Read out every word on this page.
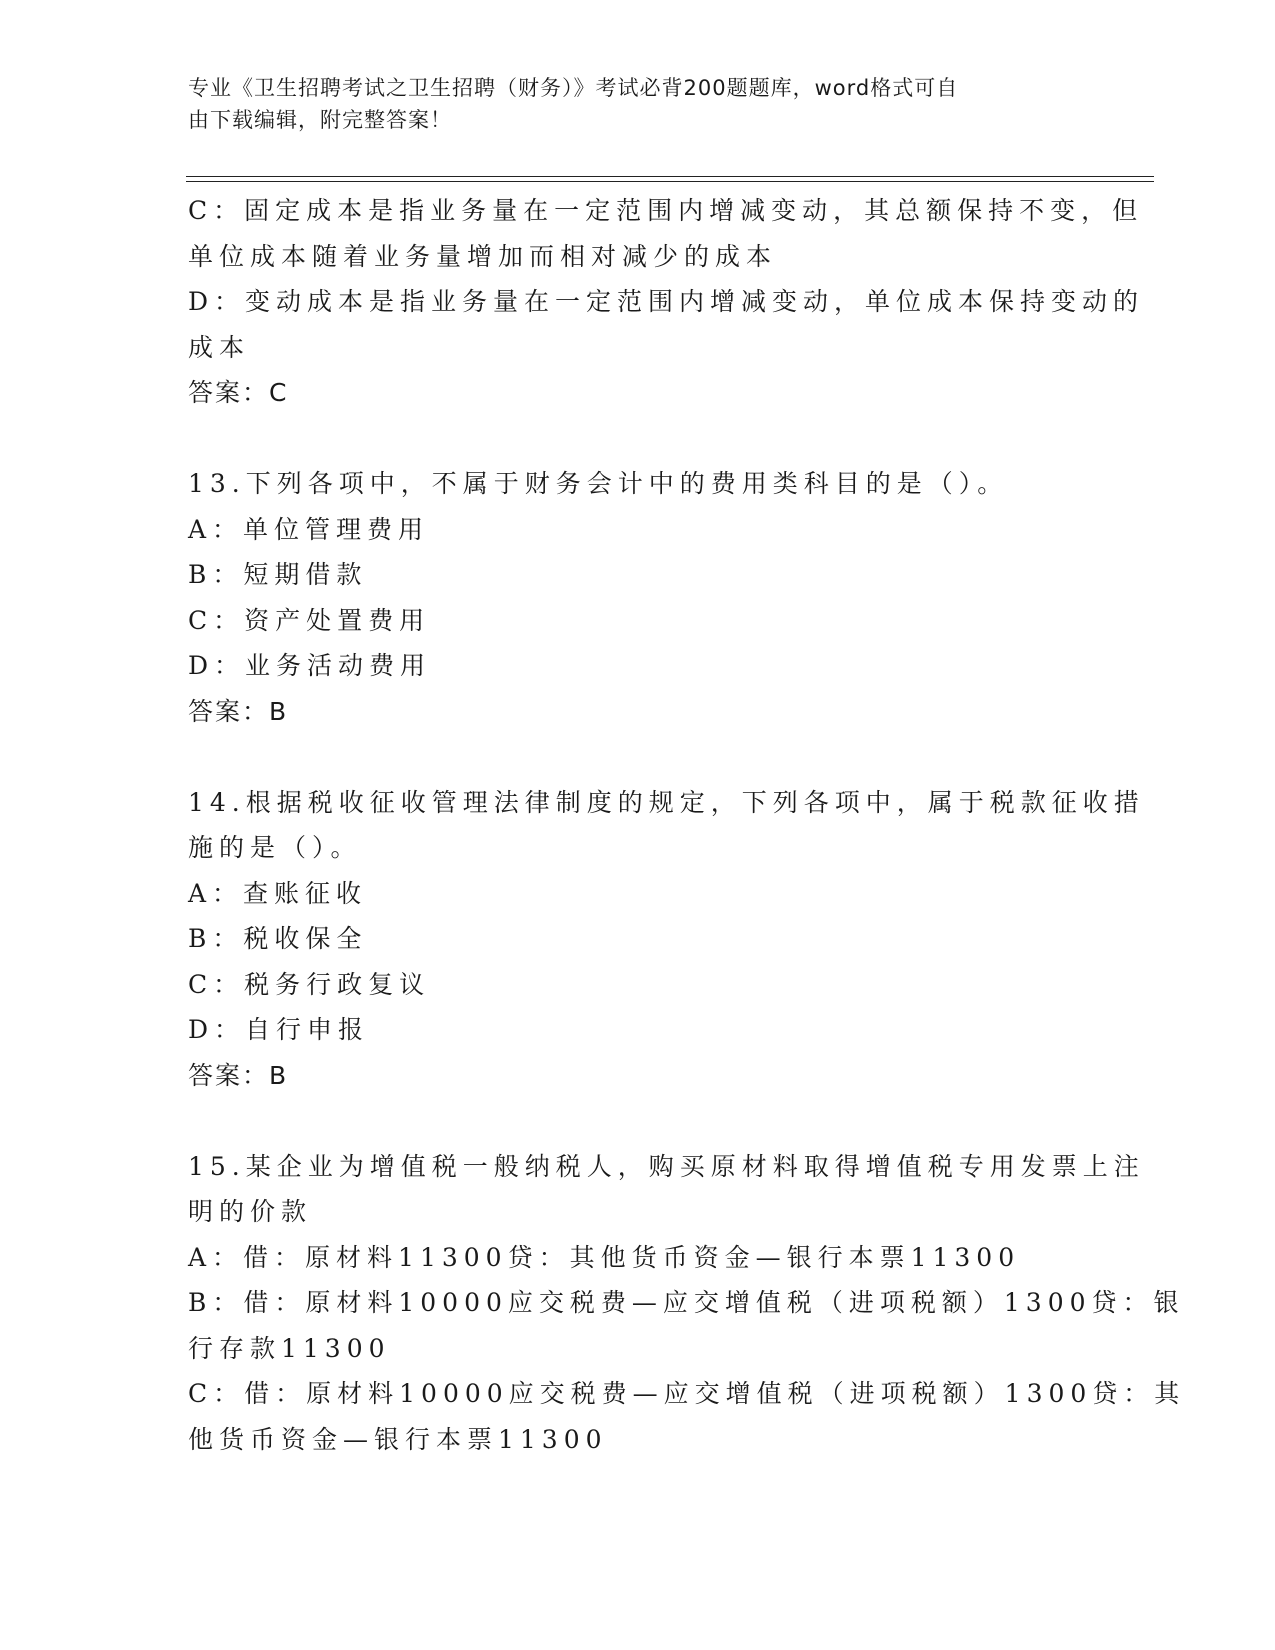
专业《卫生招聘考试之卫生招聘（财务）》考试必背200题题库，word格式可自
由下载编辑，附完整答案！
C：固定成本是指业务量在一定范围内增减变动，其总额保持不变，但
单位成本随着业务量增加而相对减少的成本
D：变动成本是指业务量在一定范围内增减变动，单位成本保持变动的
成本
答案：C
13.下列各项中，不属于财务会计中的费用类科目的是（）。
A：单位管理费用
B：短期借款
C：资产处置费用
D：业务活动费用
答案：B
14.根据税收征收管理法律制度的规定，下列各项中，属于税款征收措
施的是（）。
A：查账征收
B：税收保全
C：税务行政复议
D：自行申报
答案：B
15.某企业为增值税一般纳税人，购买原材料取得增值税专用发票上注
明的价款
A：借：原材料11300贷：其他货币资金—银行本票11300
B：借：原材料10000应交税费—应交增值税（进项税额）1300贷：银
行存款11300
C：借：原材料10000应交税费—应交增值税（进项税额）1300贷：其
他货币资金—银行本票11300
